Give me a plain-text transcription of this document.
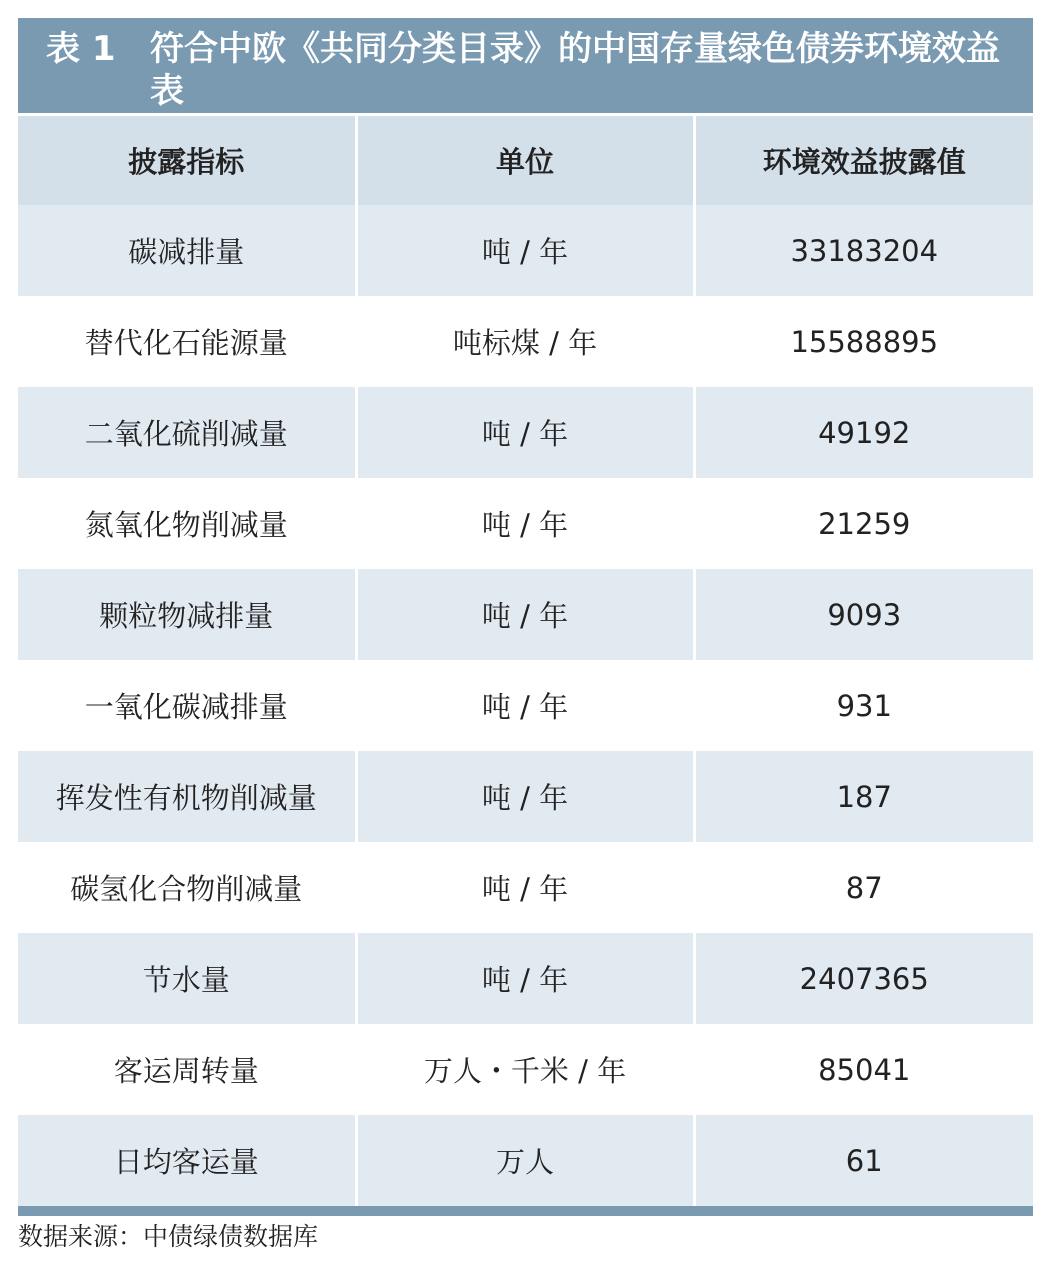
表 1	符合中欧《共同分类目录》的中国存量绿色债券环境效益表
披露指标	单位	环境效益披露值
碳减排量	吨 / 年	33183204
替代化石能源量	吨标煤 / 年	15588895
二氧化硫削减量	吨 / 年	49192
氮氧化物削减量	吨 / 年	21259
颗粒物减排量	吨 / 年	9093
一氧化碳减排量	吨 / 年	931
挥发性有机物削减量	吨 / 年	187
碳氢化合物削减量	吨 / 年	87
节水量	吨 / 年	2407365
客运周转量	万人・千米 / 年	85041
日均客运量	万人	61
数据来源：中债绿债数据库
